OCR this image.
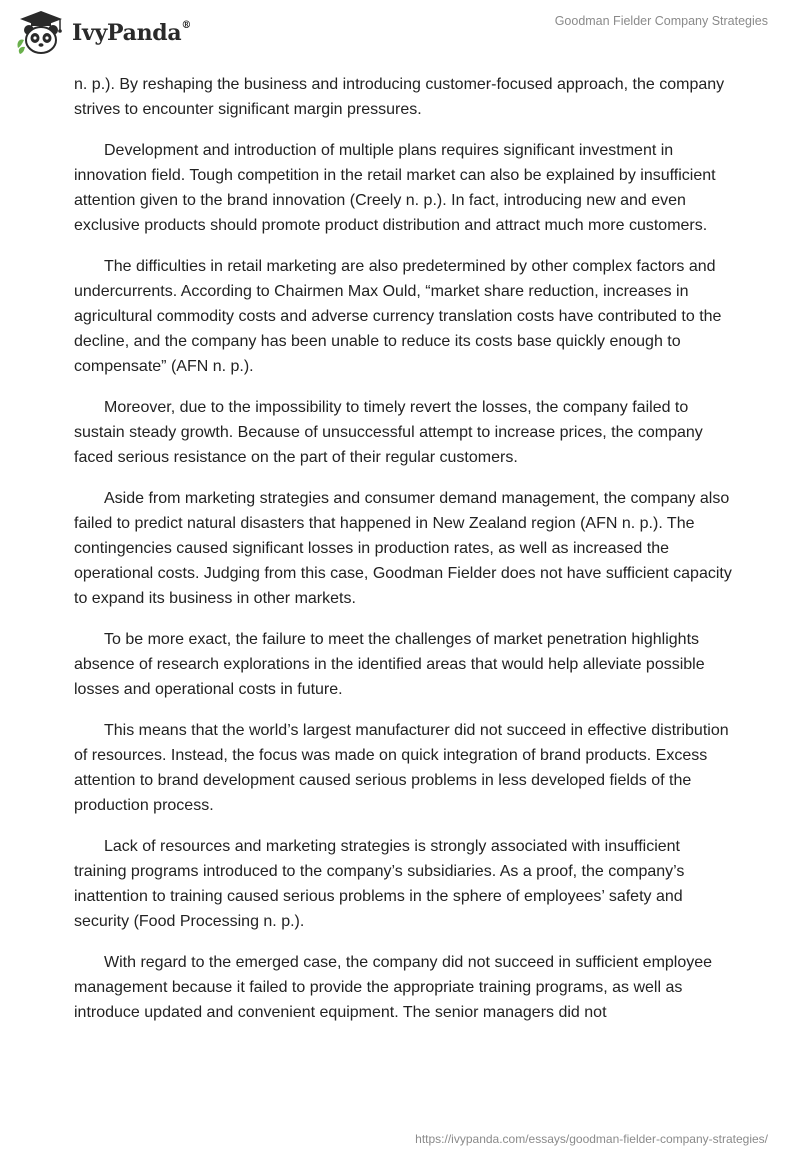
IvyPanda®	Goodman Fielder Company Strategies

n. p.). By reshaping the business and introducing customer-focused approach, the company strives to encounter significant margin pressures.

Development and introduction of multiple plans requires significant investment in innovation field. Tough competition in the retail market can also be explained by insufficient attention given to the brand innovation (Creely n. p.). In fact, introducing new and even exclusive products should promote product distribution and attract much more customers.

The difficulties in retail marketing are also predetermined by other complex factors and undercurrents. According to Chairmen Max Ould, “market share reduction, increases in agricultural commodity costs and adverse currency translation costs have contributed to the decline, and the company has been unable to reduce its costs base quickly enough to compensate” (AFN n. p.).

Moreover, due to the impossibility to timely revert the losses, the company failed to sustain steady growth. Because of unsuccessful attempt to increase prices, the company faced serious resistance on the part of their regular customers.

Aside from marketing strategies and consumer demand management, the company also failed to predict natural disasters that happened in New Zealand region (AFN n. p.). The contingencies caused significant losses in production rates, as well as increased the operational costs. Judging from this case, Goodman Fielder does not have sufficient capacity to expand its business in other markets.

To be more exact, the failure to meet the challenges of market penetration highlights absence of research explorations in the identified areas that would help alleviate possible losses and operational costs in future.

This means that the world’s largest manufacturer did not succeed in effective distribution of resources. Instead, the focus was made on quick integration of brand products. Excess attention to brand development caused serious problems in less developed fields of the production process.

Lack of resources and marketing strategies is strongly associated with insufficient training programs introduced to the company’s subsidiaries. As a proof, the company’s inattention to training caused serious problems in the sphere of employees’ safety and security (Food Processing n. p.).

With regard to the emerged case, the company did not succeed in sufficient employee management because it failed to provide the appropriate training programs, as well as introduce updated and convenient equipment. The senior managers did not

https://ivypanda.com/essays/goodman-fielder-company-strategies/
